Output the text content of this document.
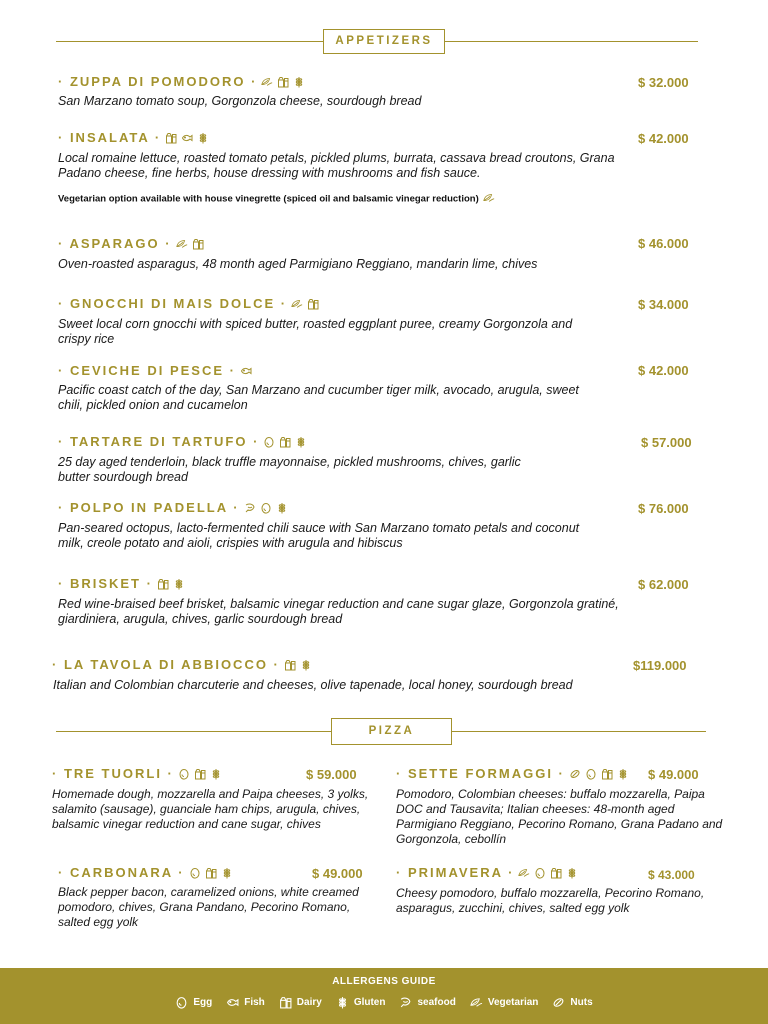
APPETIZERS
· ZUPPA DI POMODORO ·	$ 32.000
San Marzano tomato soup, Gorgonzola cheese, sourdough bread
· INSALATA ·	$ 42.000
Local romaine lettuce, roasted tomato petals, pickled plums, burrata, cassava bread croutons, Grana Padano cheese, fine herbs, house dressing with mushrooms and fish sauce.
Vegetarian option available with house vinegrette (spiced oil and balsamic vinegar reduction)
· ASPARAGO ·	$ 46.000
Oven-roasted asparagus, 48 month aged Parmigiano Reggiano, mandarin lime, chives
· GNOCCHI DI MAIS DOLCE ·	$ 34.000
Sweet local corn gnocchi with spiced butter, roasted eggplant puree, creamy Gorgonzola and crispy rice
· CEVICHE DI PESCE ·	$ 42.000
Pacific coast catch of the day, San Marzano and cucumber tiger milk, avocado, arugula, sweet chili, pickled onion and cucamelon
· TARTARE DI TARTUFO ·	$ 57.000
25 day aged tenderloin, black truffle mayonnaise, pickled mushrooms, chives, garlic butter sourdough bread
· POLPO IN PADELLA ·	$ 76.000
Pan-seared octopus, lacto-fermented chili sauce with San Marzano tomato petals and coconut milk, creole potato and aioli, crispies with arugula and hibiscus
· BRISKET ·	$ 62.000
Red wine-braised beef brisket, balsamic vinegar reduction and cane sugar glaze, Gorgonzola gratiné, giardiniera, arugula, chives, garlic sourdough bread
· LA TAVOLA DI ABBIOCCO ·	$119.000
Italian and Colombian charcuterie and cheeses, olive tapenade, local honey, sourdough bread
PIZZA
· TRE TUORLI ·	$ 59.000
Homemade dough, mozzarella and Paipa cheeses, 3 yolks, salamito (sausage), guanciale ham chips, arugula, chives, balsamic vinegar reduction and cane sugar, chives
· SETTE FORMAGGI ·	$ 49.000
Pomodoro, Colombian cheeses: buffalo mozzarella, Paipa DOC and Tausavita; Italian cheeses: 48-month aged Parmigiano Reggiano, Pecorino Romano, Grana Padano and Gorgonzola, cebollín
· CARBONARA ·	$ 49.000
Black pepper bacon, caramelized onions, white creamed pomodoro, chives, Grana Pandano, Pecorino Romano, salted egg yolk
· PRIMAVERA ·	$ 43.000
Cheesy pomodoro, buffalo mozzarella, Pecorino Romano, asparagus, zucchini, chives, salted egg yolk
ALLERGENS GUIDE
Egg	Fish	Dairy	Gluten	seafood	Vegetarian	Nuts
